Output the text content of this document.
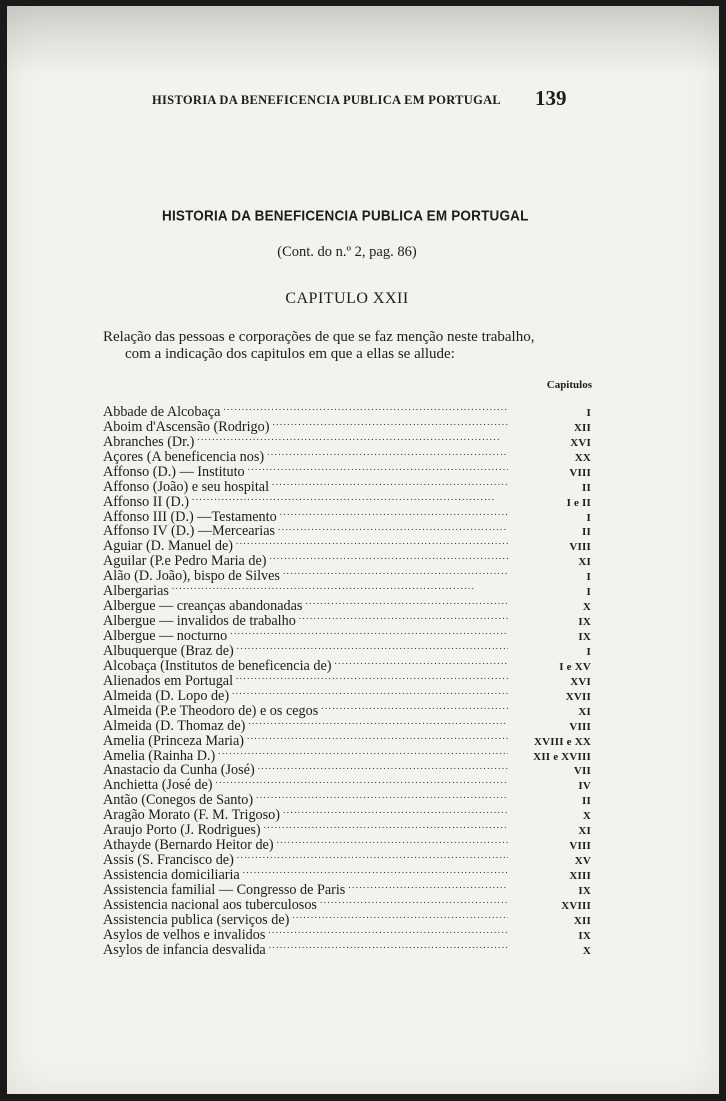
HISTORIA DA BENEFICENCIA PUBLICA EM PORTUGAL	139
HISTORIA DA BENEFICENCIA PUBLICA EM PORTUGAL
(Cont. do n.º 2, pag. 86)
CAPITULO XXII
Relação das pessoas e corporações de que se faz menção neste trabalho,
com a indicação dos capitulos em que a ellas se allude:
Capitulos
Abbade de Alcobaça . . .	I
Aboim d'Ascensão (Rodrigo) . . .	XII
Abranches (Dr.) . . .	XVI
Açores (A beneficencia nos) . . .	XX
Affonso (D.) — Instituto . . .	VIII
Affonso (João) e seu hospital . . .	II
Affonso II (D.) . . .	I e II
Affonso III (D.) —Testamento . . .	I
Affonso IV (D.) —Mercearias . . .	II
Aguiar (D. Manuel de) . . .	VIII
Aguilar (P.e Pedro Maria de) . . .	XI
Alão (D. João), bispo de Silves . . .	I
Albergarias . . .	I
Albergue — creanças abandonadas . . .	X
Albergue — invalidos de trabalho . . .	IX
Albergue — nocturno . . .	IX
Albuquerque (Braz de) . . .	I
Alcobaça (Institutos de beneficencia de) . . .	I e XV
Alienados em Portugal . . .	XVI
Almeida (D. Lopo de) . . .	XVII
Almeida (P.e Theodoro de) e os cegos . . .	XI
Almeida (D. Thomaz de) . . .	VIII
Amelia (Princeza Maria) . . .	XVIII e XX
Amelia (Rainha D.) . . .	XII e XVIII
Anastacio da Cunha (José) . . .	VII
Anchietta (José de) . . .	IV
Antão (Conegos de Santo) . . .	II
Aragão Morato (F. M. Trigoso) . . .	X
Araujo Porto (J. Rodrigues) . . .	XI
Athayde (Bernardo Heitor de) . . .	VIII
Assis (S. Francisco de) . . .	XV
Assistencia domiciliaria . . .	XIII
Assistencia familial — Congresso de Paris . . .	IX
Assistencia nacional aos tuberculosos . . .	XVIII
Assistencia publica (serviços de) . . .	XII
Asylos de velhos e invalidos . . .	IX
Asylos de infancia desvalida . . .	X
